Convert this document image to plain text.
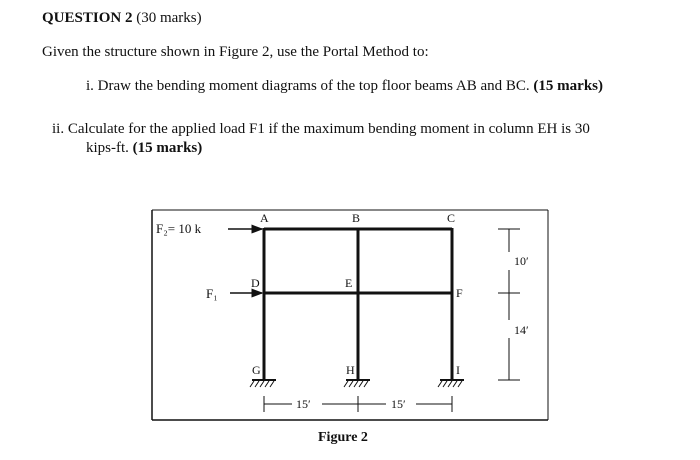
QUESTION 2 (30 marks)
Given the structure shown in Figure 2, use the Portal Method to:
i. Draw the bending moment diagrams of the top floor beams AB and BC. (15 marks)
ii. Calculate for the applied load F1 if the maximum bending moment in column EH is 30
kips-ft. (15 marks)
F₂= 10 k
F₁
A	B	C
D	E
F
G	H	I
15′	15′
10′
14′
Figure 2
